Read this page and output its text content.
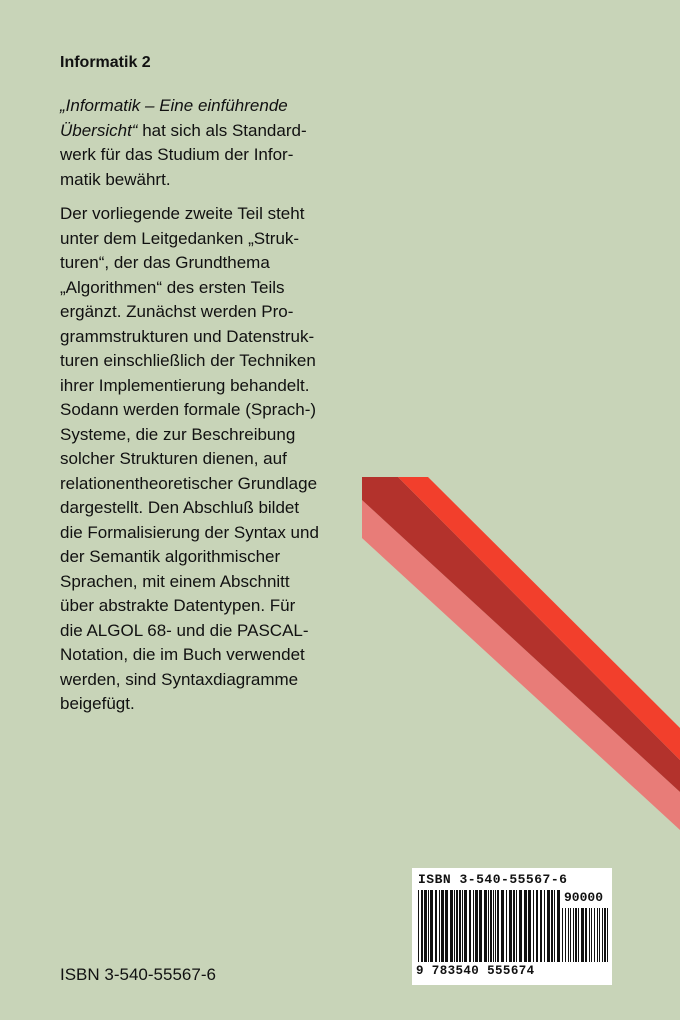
Informatik 2

„Informatik – Eine einführende
Übersicht“ hat sich als Standard-
werk für das Studium der Infor-
matik bewährt.

Der vorliegende zweite Teil steht
unter dem Leitgedanken „Struk-
turen“, der das Grundthema
„Algorithmen“ des ersten Teils
ergänzt. Zunächst werden Pro-
grammstrukturen und Datenstruk-
turen einschließlich der Techniken
ihrer Implementierung behandelt.
Sodann werden formale (Sprach-)
Systeme, die zur Beschreibung
solcher Strukturen dienen, auf
relationentheoretischer Grundlage
dargestellt. Den Abschluß bildet
die Formalisierung der Syntax und
der Semantik algorithmischer
Sprachen, mit einem Abschnitt
über abstrakte Datentypen. Für
die ALGOL 68- und die PASCAL-
Notation, die im Buch verwendet
werden, sind Syntaxdiagramme
beigefügt.

ISBN 3-540-55567-6
ISBN 3-540-55567-6
90000
9 783540 555674
